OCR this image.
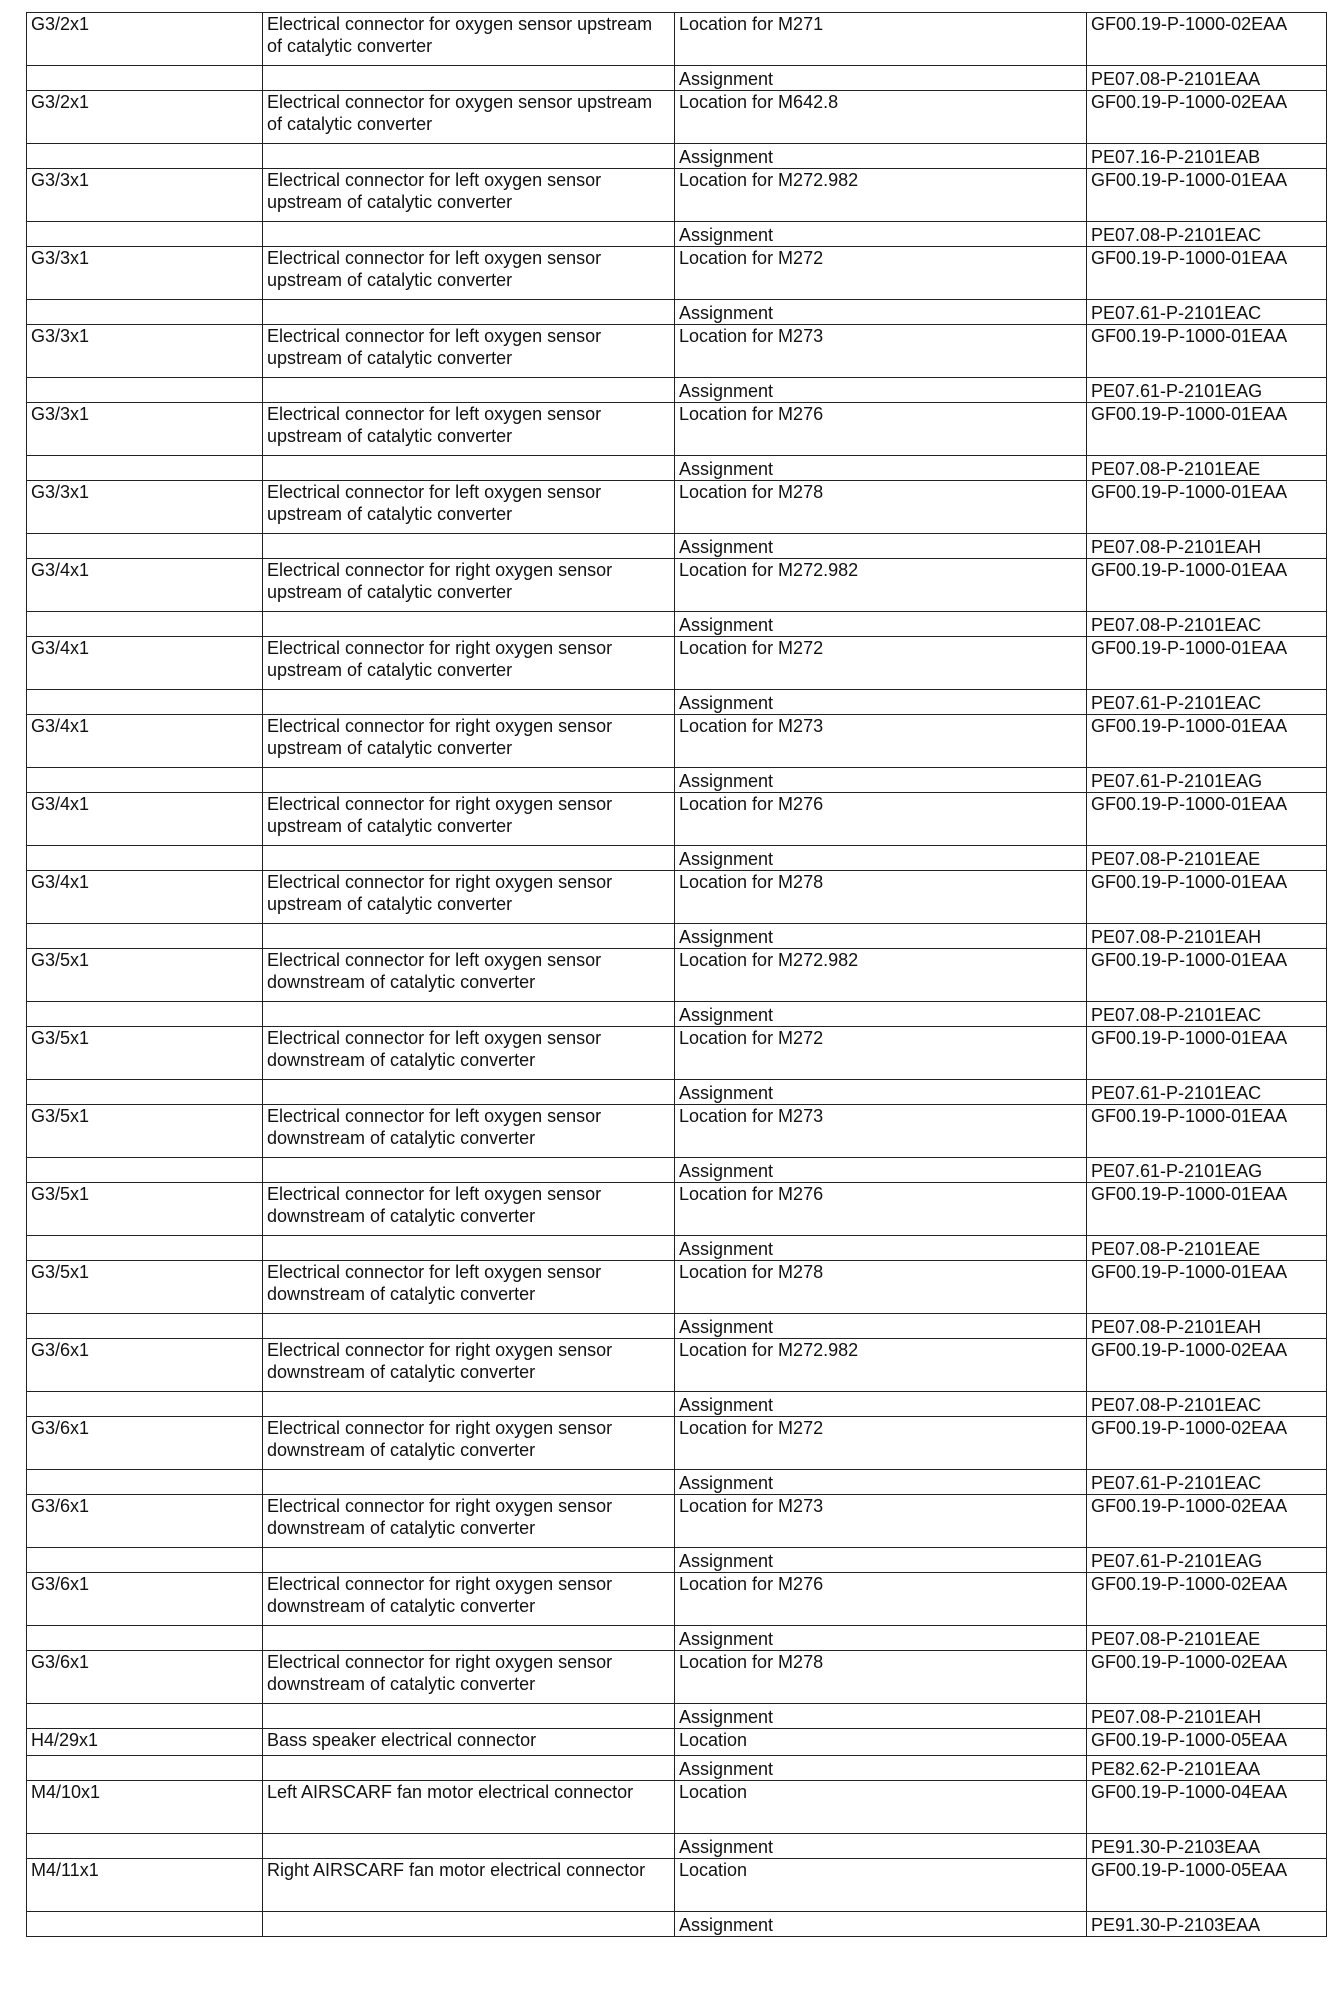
G3/2x1	Electrical connector for oxygen sensor upstream of catalytic converter	Location for M271	GF00.19-P-1000-02EAA
		Assignment	PE07.08-P-2101EAA
G3/2x1	Electrical connector for oxygen sensor upstream of catalytic converter	Location for M642.8	GF00.19-P-1000-02EAA
		Assignment	PE07.16-P-2101EAB
G3/3x1	Electrical connector for left oxygen sensor upstream of catalytic converter	Location for M272.982	GF00.19-P-1000-01EAA
		Assignment	PE07.08-P-2101EAC
G3/3x1	Electrical connector for left oxygen sensor upstream of catalytic converter	Location for M272	GF00.19-P-1000-01EAA
		Assignment	PE07.61-P-2101EAC
G3/3x1	Electrical connector for left oxygen sensor upstream of catalytic converter	Location for M273	GF00.19-P-1000-01EAA
		Assignment	PE07.61-P-2101EAG
G3/3x1	Electrical connector for left oxygen sensor upstream of catalytic converter	Location for M276	GF00.19-P-1000-01EAA
		Assignment	PE07.08-P-2101EAE
G3/3x1	Electrical connector for left oxygen sensor upstream of catalytic converter	Location for M278	GF00.19-P-1000-01EAA
		Assignment	PE07.08-P-2101EAH
G3/4x1	Electrical connector for right oxygen sensor upstream of catalytic converter	Location for M272.982	GF00.19-P-1000-01EAA
		Assignment	PE07.08-P-2101EAC
G3/4x1	Electrical connector for right oxygen sensor upstream of catalytic converter	Location for M272	GF00.19-P-1000-01EAA
		Assignment	PE07.61-P-2101EAC
G3/4x1	Electrical connector for right oxygen sensor upstream of catalytic converter	Location for M273	GF00.19-P-1000-01EAA
		Assignment	PE07.61-P-2101EAG
G3/4x1	Electrical connector for right oxygen sensor upstream of catalytic converter	Location for M276	GF00.19-P-1000-01EAA
		Assignment	PE07.08-P-2101EAE
G3/4x1	Electrical connector for right oxygen sensor upstream of catalytic converter	Location for M278	GF00.19-P-1000-01EAA
		Assignment	PE07.08-P-2101EAH
G3/5x1	Electrical connector for left oxygen sensor downstream of catalytic converter	Location for M272.982	GF00.19-P-1000-01EAA
		Assignment	PE07.08-P-2101EAC
G3/5x1	Electrical connector for left oxygen sensor downstream of catalytic converter	Location for M272	GF00.19-P-1000-01EAA
		Assignment	PE07.61-P-2101EAC
G3/5x1	Electrical connector for left oxygen sensor downstream of catalytic converter	Location for M273	GF00.19-P-1000-01EAA
		Assignment	PE07.61-P-2101EAG
G3/5x1	Electrical connector for left oxygen sensor downstream of catalytic converter	Location for M276	GF00.19-P-1000-01EAA
		Assignment	PE07.08-P-2101EAE
G3/5x1	Electrical connector for left oxygen sensor downstream of catalytic converter	Location for M278	GF00.19-P-1000-01EAA
		Assignment	PE07.08-P-2101EAH
G3/6x1	Electrical connector for right oxygen sensor downstream of catalytic converter	Location for M272.982	GF00.19-P-1000-02EAA
		Assignment	PE07.08-P-2101EAC
G3/6x1	Electrical connector for right oxygen sensor downstream of catalytic converter	Location for M272	GF00.19-P-1000-02EAA
		Assignment	PE07.61-P-2101EAC
G3/6x1	Electrical connector for right oxygen sensor downstream of catalytic converter	Location for M273	GF00.19-P-1000-02EAA
		Assignment	PE07.61-P-2101EAG
G3/6x1	Electrical connector for right oxygen sensor downstream of catalytic converter	Location for M276	GF00.19-P-1000-02EAA
		Assignment	PE07.08-P-2101EAE
G3/6x1	Electrical connector for right oxygen sensor downstream of catalytic converter	Location for M278	GF00.19-P-1000-02EAA
		Assignment	PE07.08-P-2101EAH
H4/29x1	Bass speaker electrical connector	Location	GF00.19-P-1000-05EAA
		Assignment	PE82.62-P-2101EAA
M4/10x1	Left AIRSCARF fan motor electrical connector	Location	GF00.19-P-1000-04EAA
		Assignment	PE91.30-P-2103EAA
M4/11x1	Right AIRSCARF fan motor electrical connector	Location	GF00.19-P-1000-05EAA
		Assignment	PE91.30-P-2103EAA
